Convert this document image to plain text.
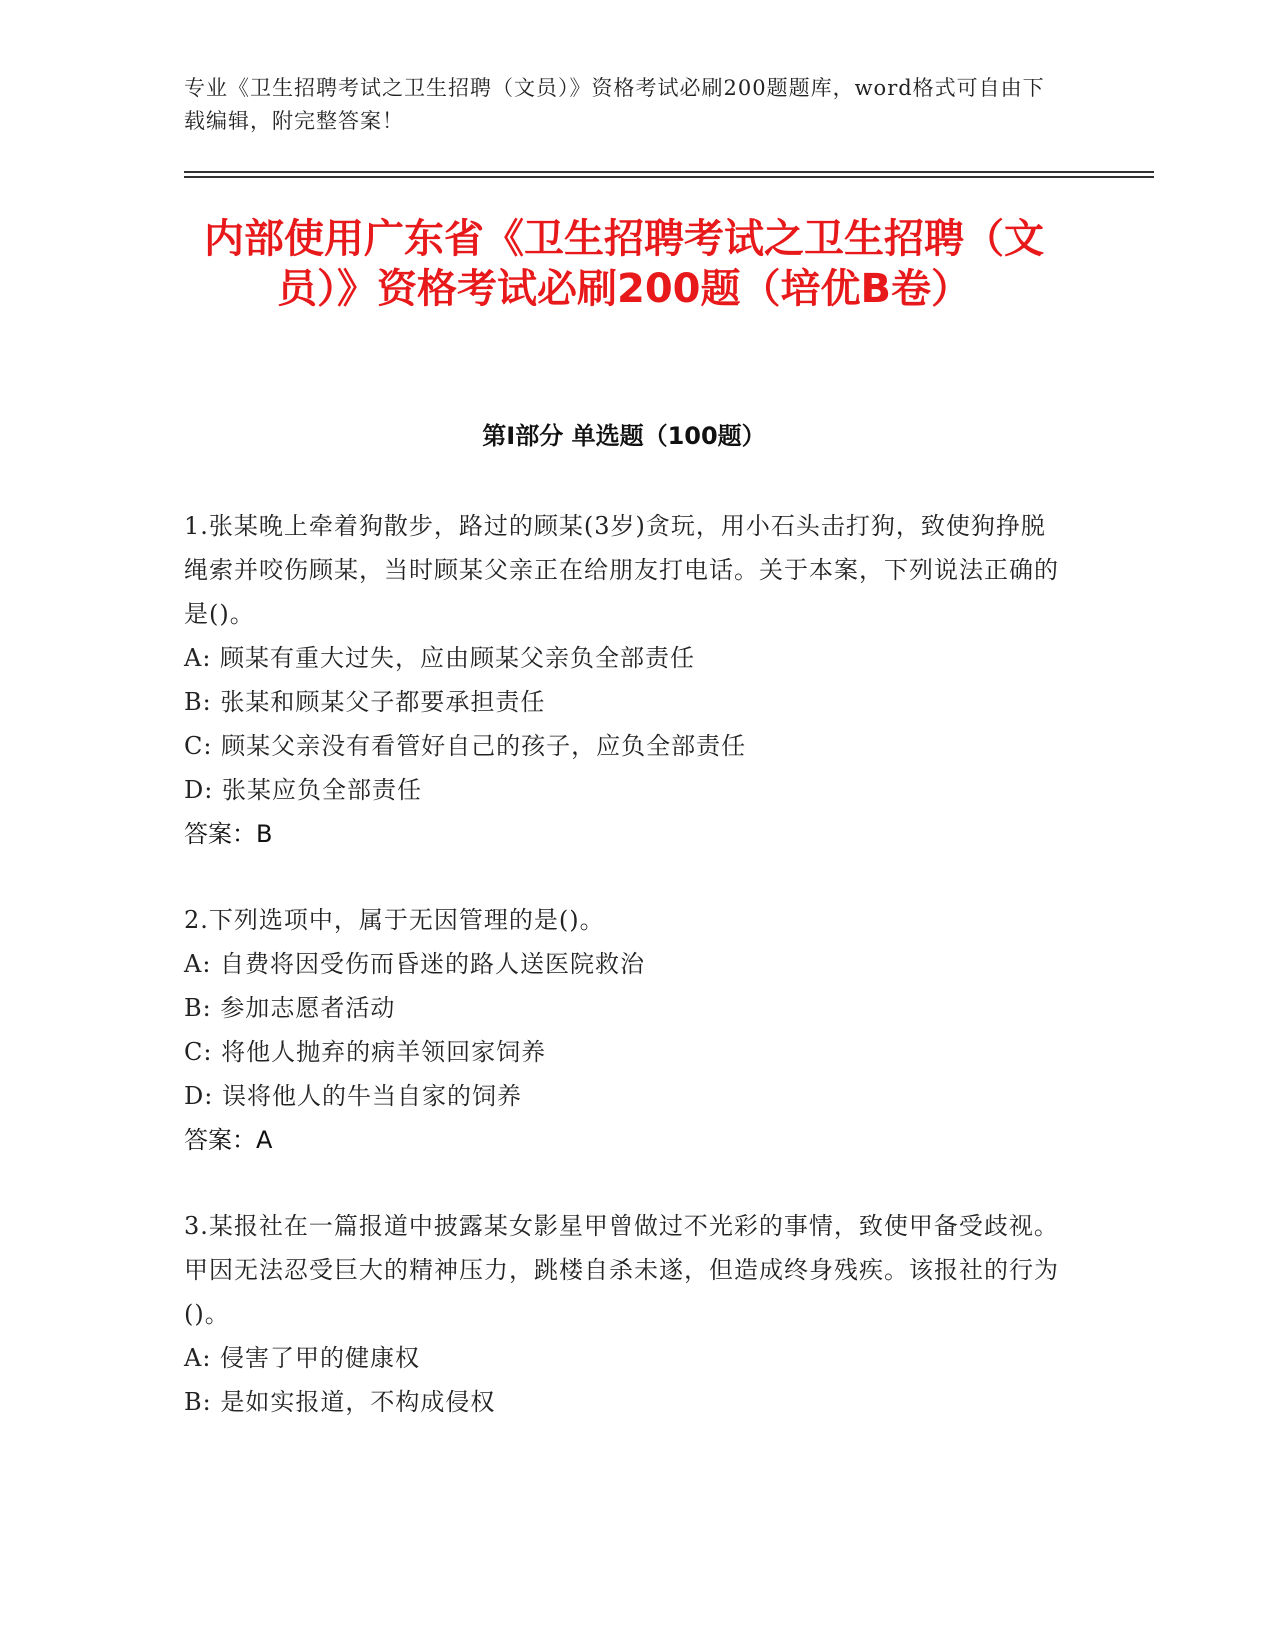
专业《卫生招聘考试之卫生招聘（文员）》资格考试必刷200题题库，word格式可自由下载编辑，附完整答案！
内部使用广东省《卫生招聘考试之卫生招聘（文员）》资格考试必刷200题（培优B卷）
第I部分 单选题（100题）

1.张某晚上牵着狗散步，路过的顾某(3岁)贪玩，用小石头击打狗，致使狗挣脱绳索并咬伤顾某，当时顾某父亲正在给朋友打电话。关于本案，下列说法正确的是()。

A: 顾某有重大过失，应由顾某父亲负全部责任

B: 张某和顾某父子都要承担责任

C: 顾某父亲没有看管好自己的孩子，应负全部责任

D: 张某应负全部责任

答案：B

2.下列选项中，属于无因管理的是()。

A: 自费将因受伤而昏迷的路人送医院救治

B: 参加志愿者活动

C: 将他人抛弃的病羊领回家饲养

D: 误将他人的牛当自家的饲养

答案：A

3.某报社在一篇报道中披露某女影星甲曾做过不光彩的事情，致使甲备受歧视。甲因无法忍受巨大的精神压力，跳楼自杀未遂，但造成终身残疾。该报社的行为()。

A: 侵害了甲的健康权

B: 是如实报道，不构成侵权
